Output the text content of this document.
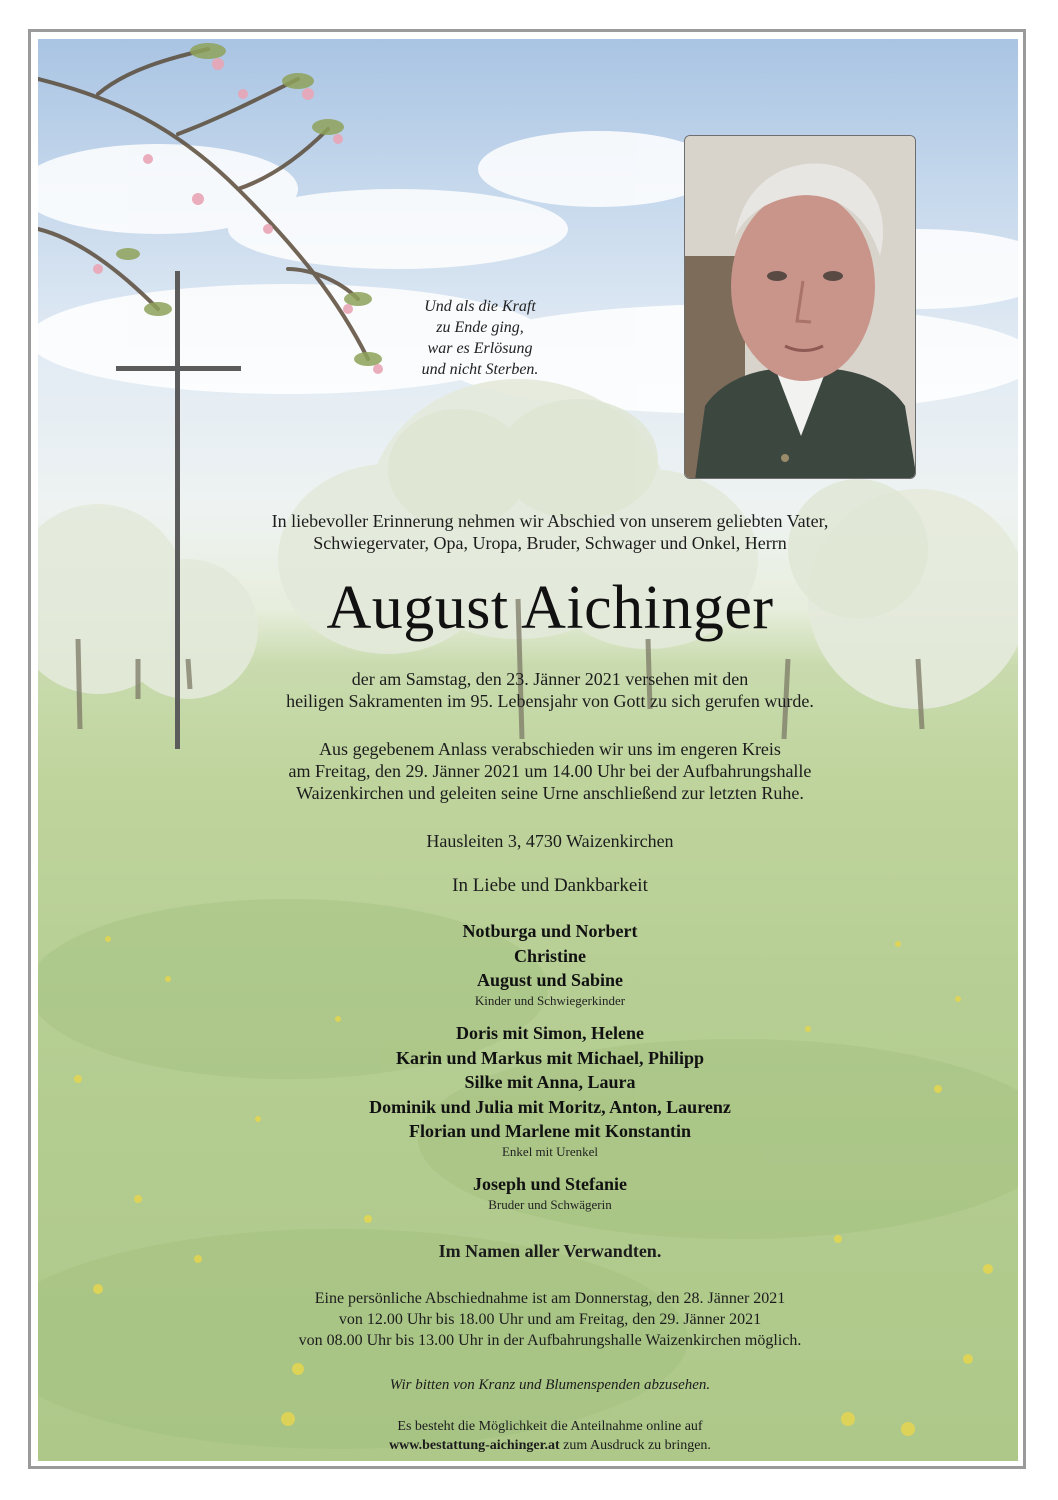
Und als die Kraft
zu Ende ging,
war es Erlösung
und nicht Sterben.
In liebevoller Erinnerung nehmen wir Abschied von unserem geliebten Vater,
Schwiegervater, Opa, Uropa, Bruder, Schwager und Onkel, Herrn
August Aichinger
der am Samstag, den 23. Jänner 2021 versehen mit den
heiligen Sakramenten im 95. Lebensjahr von Gott zu sich gerufen wurde.
Aus gegebenem Anlass verabschieden wir uns im engeren Kreis
am Freitag, den 29. Jänner 2021 um 14.00 Uhr bei der Aufbahrungshalle
Waizenkirchen und geleiten seine Urne anschließend zur letzten Ruhe.
Hausleiten 3, 4730 Waizenkirchen
In Liebe und Dankbarkeit
Notburga und Norbert
Christine
August und Sabine
Kinder und Schwiegerkinder
Doris mit Simon, Helene
Karin und Markus mit Michael, Philipp
Silke mit Anna, Laura
Dominik und Julia mit Moritz, Anton, Laurenz
Florian und Marlene mit Konstantin
Enkel mit Urenkel
Joseph und Stefanie
Bruder und Schwägerin
Im Namen aller Verwandten.
Eine persönliche Abschiednahme ist am Donnerstag, den 28. Jänner 2021
von 12.00 Uhr bis 18.00 Uhr und am Freitag, den 29. Jänner 2021
von 08.00 Uhr bis 13.00 Uhr in der Aufbahrungshalle Waizenkirchen möglich.
Wir bitten von Kranz und Blumenspenden abzusehen.
Es besteht die Möglichkeit die Anteilnahme online auf
www.bestattung-aichinger.at zum Ausdruck zu bringen.
